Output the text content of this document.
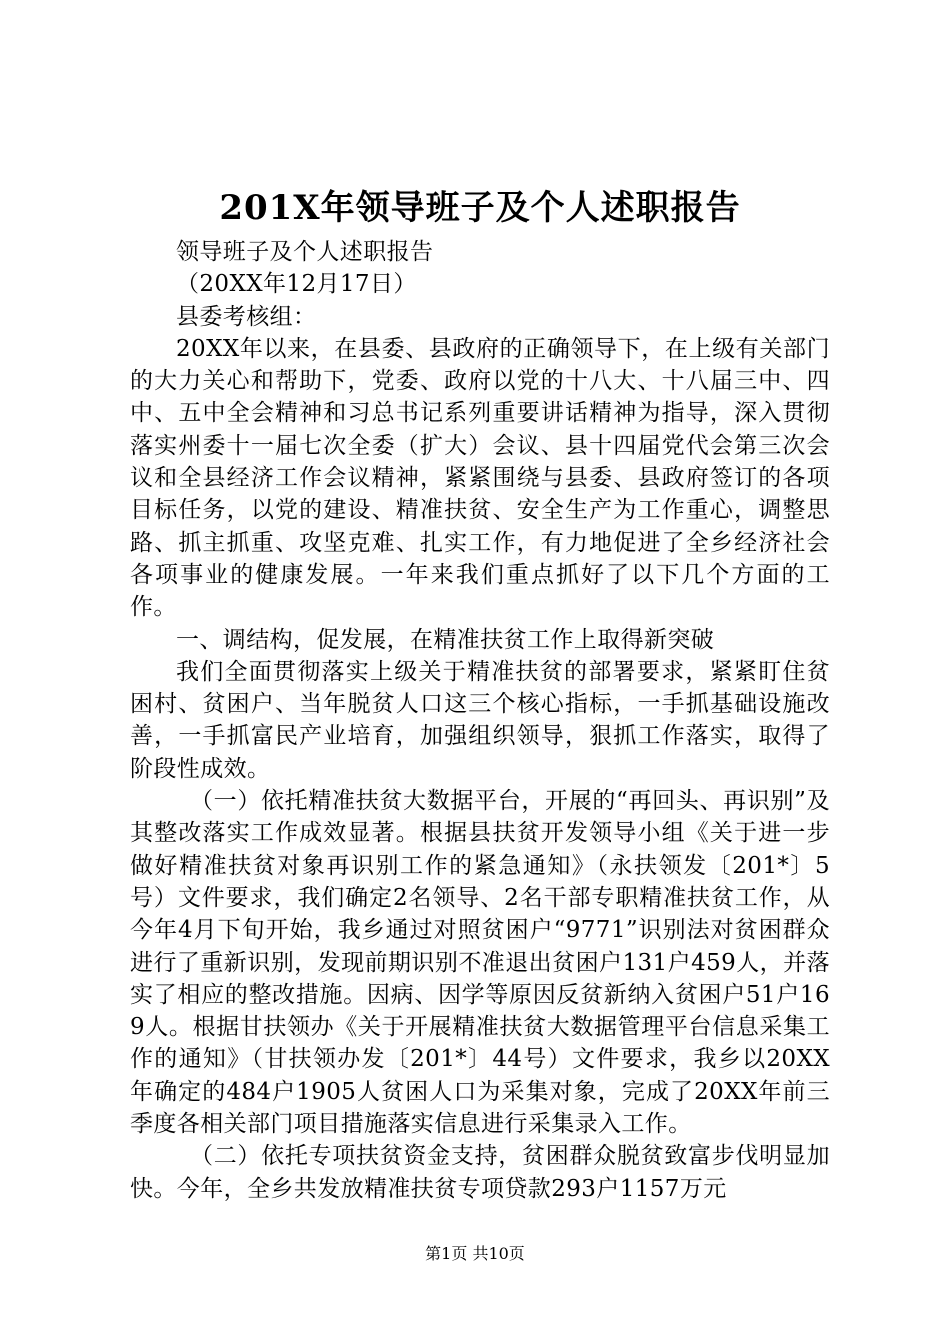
201X年领导班子及个人述职报告

领导班子及个人述职报告

（20XX年12月17日）

县委考核组：

20XX年以来，在县委、县政府的正确领导下，在上级有关部门的大力关心和帮助下，党委、政府以党的十八大、十八届三中、四中、五中全会精神和习总书记系列重要讲话精神为指导，深入贯彻落实州委十一届七次全委（扩大）会议、县十四届党代会第三次会议和全县经济工作会议精神，紧紧围绕与县委、县政府签订的各项目标任务，以党的建设、精准扶贫、安全生产为工作重心，调整思路、抓主抓重、攻坚克难、扎实工作，有力地促进了全乡经济社会各项事业的健康发展。一年来我们重点抓好了以下几个方面的工作。

一、调结构，促发展，在精准扶贫工作上取得新突破

我们全面贯彻落实上级关于精准扶贫的部署要求，紧紧盯住贫困村、贫困户、当年脱贫人口这三个核心指标，一手抓基础设施改善，一手抓富民产业培育，加强组织领导，狠抓工作落实，取得了阶段性成效。

（一）依托精准扶贫大数据平台，开展的“再回头、再识别”及其整改落实工作成效显著。根据县扶贫开发领导小组《关于进一步做好精准扶贫对象再识别工作的紧急通知》（永扶领发〔201*〕5号）文件要求，我们确定2名领导、2名干部专职精准扶贫工作，从今年4月下旬开始，我乡通过对照贫困户“9771”识别法对贫困群众进行了重新识别，发现前期识别不准退出贫困户131户459人，并落实了相应的整改措施。因病、因学等原因反贫新纳入贫困户51户169人。根据甘扶领办《关于开展精准扶贫大数据管理平台信息采集工作的通知》（甘扶领办发〔201*〕44号）文件要求，我乡以20XX年确定的484户1905人贫困人口为采集对象，完成了20XX年前三季度各相关部门项目措施落实信息进行采集录入工作。

（二）依托专项扶贫资金支持，贫困群众脱贫致富步伐明显加快。今年，全乡共发放精准扶贫专项贷款293户1157万元

第1页 共10页
